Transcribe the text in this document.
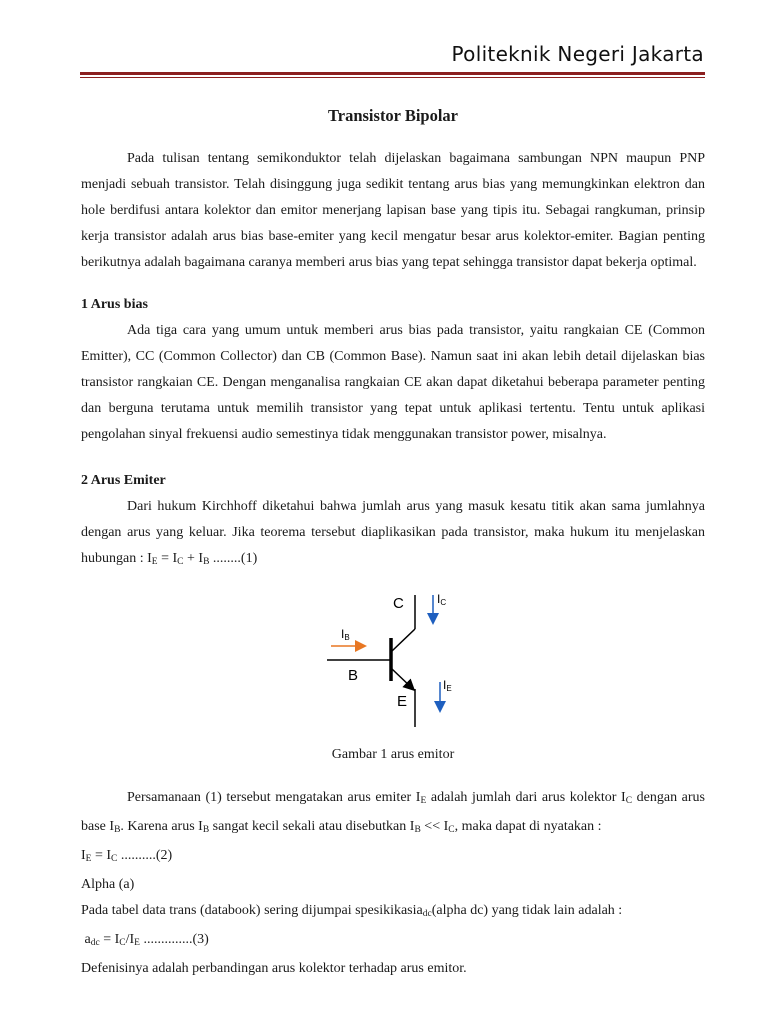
Politeknik Negeri Jakarta
Transistor Bipolar

Pada tulisan tentang semikonduktor telah dijelaskan bagaimana sambungan NPN maupun PNP menjadi sebuah transistor. Telah disinggung juga sedikit tentang arus bias yang memungkinkan elektron dan hole berdifusi antara kolektor dan emitor menerjang lapisan base yang tipis itu. Sebagai rangkuman, prinsip kerja transistor adalah arus bias base-emiter yang kecil mengatur besar arus kolektor-emiter. Bagian penting berikutnya adalah bagaimana caranya memberi arus bias yang tepat sehingga transistor dapat bekerja optimal.

1 Arus bias

Ada tiga cara yang umum untuk memberi arus bias pada transistor, yaitu rangkaian CE (Common Emitter), CC (Common Collector) dan CB (Common Base). Namun saat ini akan lebih detail dijelaskan bias transistor rangkaian CE. Dengan menganalisa rangkaian CE akan dapat diketahui beberapa parameter penting dan berguna terutama untuk memilih transistor yang tepat untuk aplikasi tertentu. Tentu untuk aplikasi pengolahan sinyal frekuensi audio semestinya tidak menggunakan transistor power, misalnya.

2 Arus Emiter

Dari hukum Kirchhoff diketahui bahwa jumlah arus yang masuk kesatu titik akan sama jumlahnya dengan arus yang keluar. Jika teorema tersebut diaplikasikan pada transistor, maka hukum itu menjelaskan hubungan : $I_E = I_C + I_B$ ........(1)

C
B
E
IC
IE
IB
Gambar 1 arus emitor

Persamanaan (1) tersebut mengatakan arus emiter $I_E$ adalah jumlah dari arus kolektor $I_C$ dengan arus base $I_B$. Karena arus $I_B$ sangat kecil sekali atau disebutkan $I_B << I_C$, maka dapat di nyatakan :

$I_E = I_C$ ..........(2)

Alpha (a)

Pada tabel data trans (databook) sering dijumpai spesikikasia$_{dc}$(alpha dc) yang tidak lain adalah :

$a_{dc} = I_C/I_E$ ..............(3)

Defenisinya adalah perbandingan arus kolektor terhadap arus emitor.
